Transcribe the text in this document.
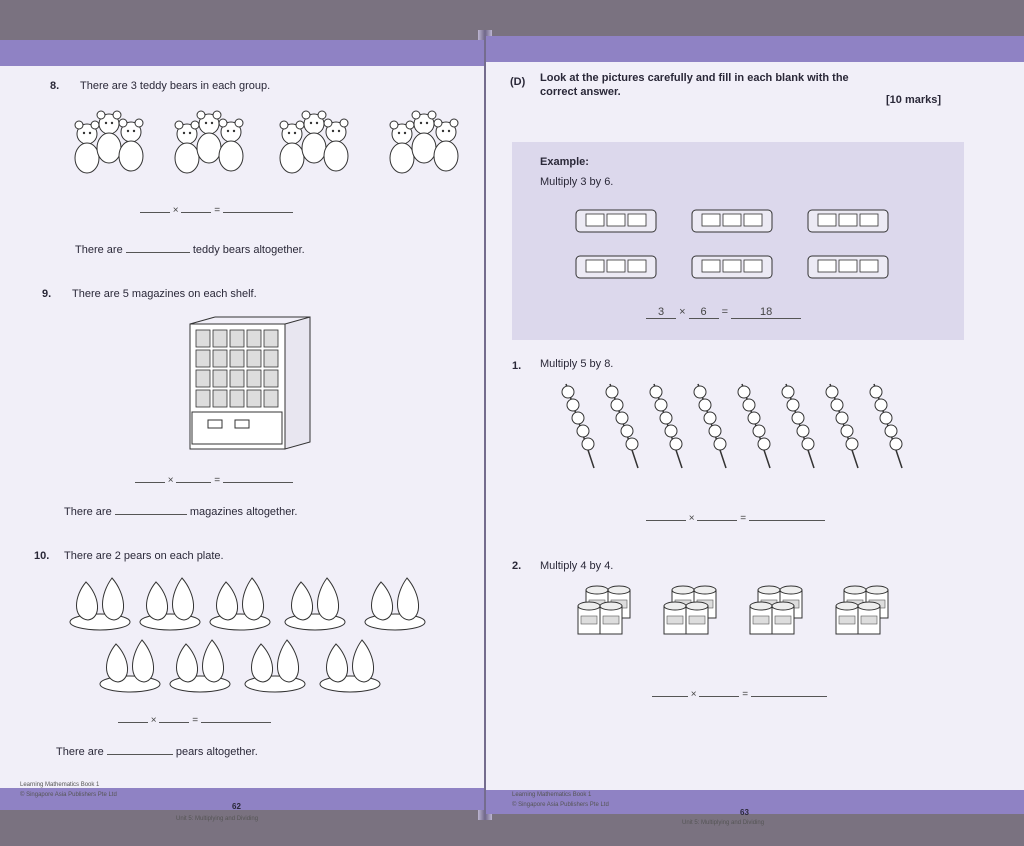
8. There are 3 teddy bears in each group.
×	=
There are	teddy bears altogether.
9. There are 5 magazines on each shelf.
×	=
There are	magazines altogether.
10. There are 2 pears on each plate.
×	=
There are	pears altogether.
Learning Mathematics Book 1
© Singapore Asia Publishers Pte Ltd
62
Unit 5: Multiplying and Dividing
(D) Look at the pictures carefully and fill in each blank with the
correct answer.
[10 marks]
Example:
Multiply 3 by 6.
3 × 6 =	18
1. Multiply 5 by 8.
×	=
2. Multiply 4 by 4.
×	=
Learning Mathematics Book 1
© Singapore Asia Publishers Pte Ltd
63
Unit 5: Multiplying and Dividing
